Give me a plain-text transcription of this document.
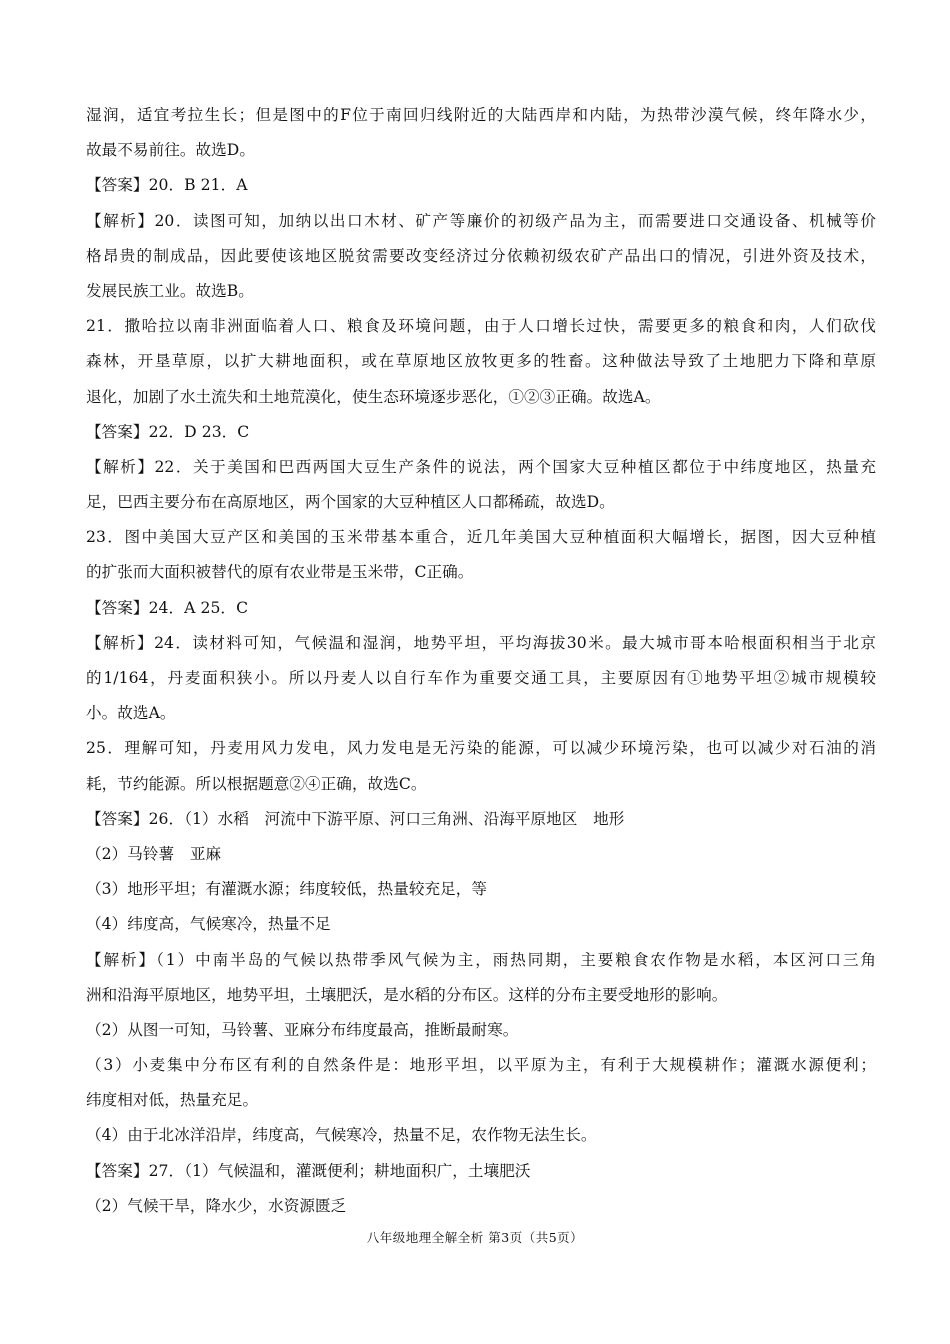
湿润，适宜考拉生长；但是图中的F位于南回归线附近的大陆西岸和内陆，为热带沙漠气候，终年降水少，
故最不易前往。故选D。
【答案】20．B 21．A
【解析】20．读图可知，加纳以出口木材、矿产等廉价的初级产品为主，而需要进口交通设备、机械等价
格昂贵的制成品，因此要使该地区脱贫需要改变经济过分依赖初级农矿产品出口的情况，引进外资及技术，
发展民族工业。故选B。
21．撒哈拉以南非洲面临着人口、粮食及环境问题，由于人口增长过快，需要更多的粮食和肉，人们砍伐
森林，开垦草原，以扩大耕地面积，或在草原地区放牧更多的牲畜。这种做法导致了土地肥力下降和草原
退化，加剧了水土流失和土地荒漠化，使生态环境逐步恶化，①②③正确。故选A。
【答案】22．D 23．C
【解析】22．关于美国和巴西两国大豆生产条件的说法，两个国家大豆种植区都位于中纬度地区，热量充
足，巴西主要分布在高原地区，两个国家的大豆种植区人口都稀疏，故选D。
23．图中美国大豆产区和美国的玉米带基本重合，近几年美国大豆种植面积大幅增长，据图，因大豆种植
的扩张而大面积被替代的原有农业带是玉米带，C正确。
【答案】24．A 25．C
【解析】24．读材料可知，气候温和湿润，地势平坦，平均海拔30米。最大城市哥本哈根面积相当于北京
的1/164，丹麦面积狭小。所以丹麦人以自行车作为重要交通工具，主要原因有①地势平坦②城市规模较
小。故选A。
25．理解可知，丹麦用风力发电，风力发电是无污染的能源，可以减少环境污染，也可以减少对石油的消
耗，节约能源。所以根据题意②④正确，故选C。
【答案】26．（1）水稻　河流中下游平原、河口三角洲、沿海平原地区　地形
（2）马铃薯　亚麻
（3）地形平坦；有灌溉水源；纬度较低，热量较充足，等
（4）纬度高，气候寒冷，热量不足
【解析】（1）中南半岛的气候以热带季风气候为主，雨热同期，主要粮食农作物是水稻，本区河口三角
洲和沿海平原地区，地势平坦，土壤肥沃，是水稻的分布区。这样的分布主要受地形的影响。
（2）从图一可知，马铃薯、亚麻分布纬度最高，推断最耐寒。
（3）小麦集中分布区有利的自然条件是：地形平坦，以平原为主，有利于大规模耕作；灌溉水源便利；
纬度相对低，热量充足。
（4）由于北冰洋沿岸，纬度高，气候寒冷，热量不足，农作物无法生长。
【答案】27．（1）气候温和，灌溉便利；耕地面积广，土壤肥沃
（2）气候干旱，降水少，水资源匮乏
八年级地理全解全析 第3页（共5页）
